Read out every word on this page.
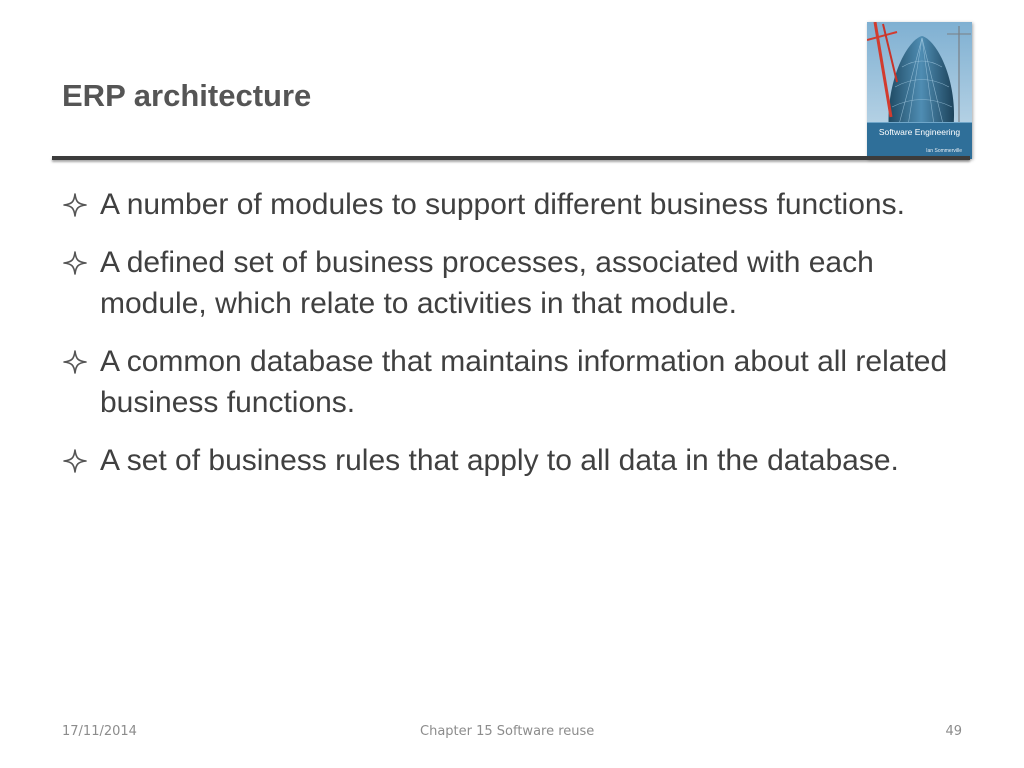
ERP architecture
Software Engineering
Ian Sommerville
A number of modules to support different business functions.
A defined set of business processes, associated with each module, which relate to activities in that module.
A common database that maintains information about all related business functions.
A set of business rules that apply to all data in the database.
17/11/2014	Chapter 15 Software reuse	49
